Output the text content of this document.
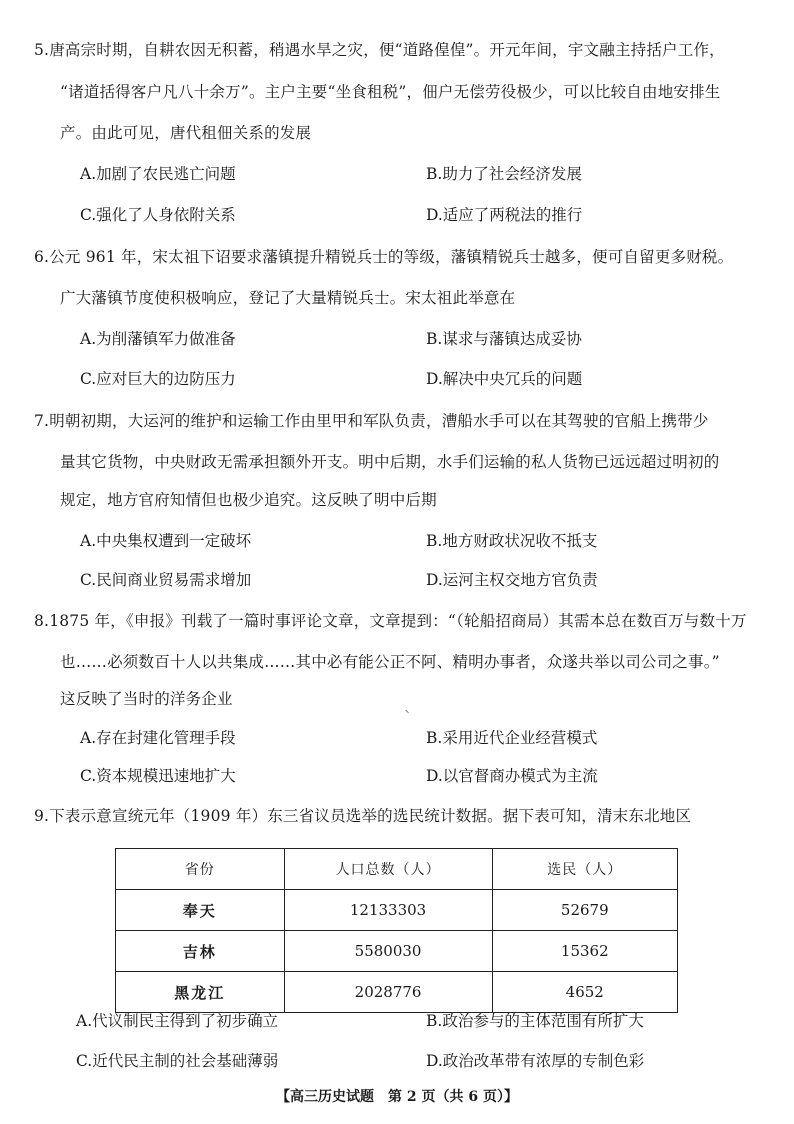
5.唐高宗时期，自耕农因无积蓄，稍遇水旱之灾，便“道路偟偟”。开元年间，宇文融主持括户工作，
“诸道括得客户凡八十余万”。主户主要“坐食租税”，佃户无偿劳役极少，可以比较自由地安排生
产。由此可见，唐代租佃关系的发展
A.加剧了农民逃亡问题	B.助力了社会经济发展
C.强化了人身依附关系	D.适应了两税法的推行
6.公元 961 年，宋太祖下诏要求藩镇提升精锐兵士的等级，藩镇精锐兵士越多，便可自留更多财税。
广大藩镇节度使积极响应，登记了大量精锐兵士。宋太祖此举意在
A.为削藩镇军力做准备	B.谋求与藩镇达成妥协
C.应对巨大的边防压力	D.解决中央冗兵的问题
7.明朝初期，大运河的维护和运输工作由里甲和军队负责，漕船水手可以在其驾驶的官船上携带少
量其它货物，中央财政无需承担额外开支。明中后期，水手们运输的私人货物已远远超过明初的
规定，地方官府知情但也极少追究。这反映了明中后期
A.中央集权遭到一定破坏	B.地方财政状况收不抵支
C.民间商业贸易需求增加	D.运河主权交地方官负责
8.1875 年，《申报》刊载了一篇时事评论文章，文章提到：“（轮船招商局）其需本总在数百万与数十万
也……必须数百十人以共集成……其中必有能公正不阿、精明办事者，众遂共举以司公司之事。”
这反映了当时的洋务企业
A.存在封建化管理手段	B.采用近代企业经营模式
C.资本规模迅速地扩大	D.以官督商办模式为主流
9.下表示意宣统元年（1909 年）东三省议员选举的选民统计数据。据下表可知，清末东北地区
省份	人口总数（人）	选民（人）
奉天	12133303	52679
吉林	5580030	15362
黑龙江	2028776	4652
A.代议制民主得到了初步确立	B.政治参与的主体范围有所扩大
C.近代民主制的社会基础薄弱	D.政治改革带有浓厚的专制色彩
【高三历史试题　第 2 页（共 6 页）】
